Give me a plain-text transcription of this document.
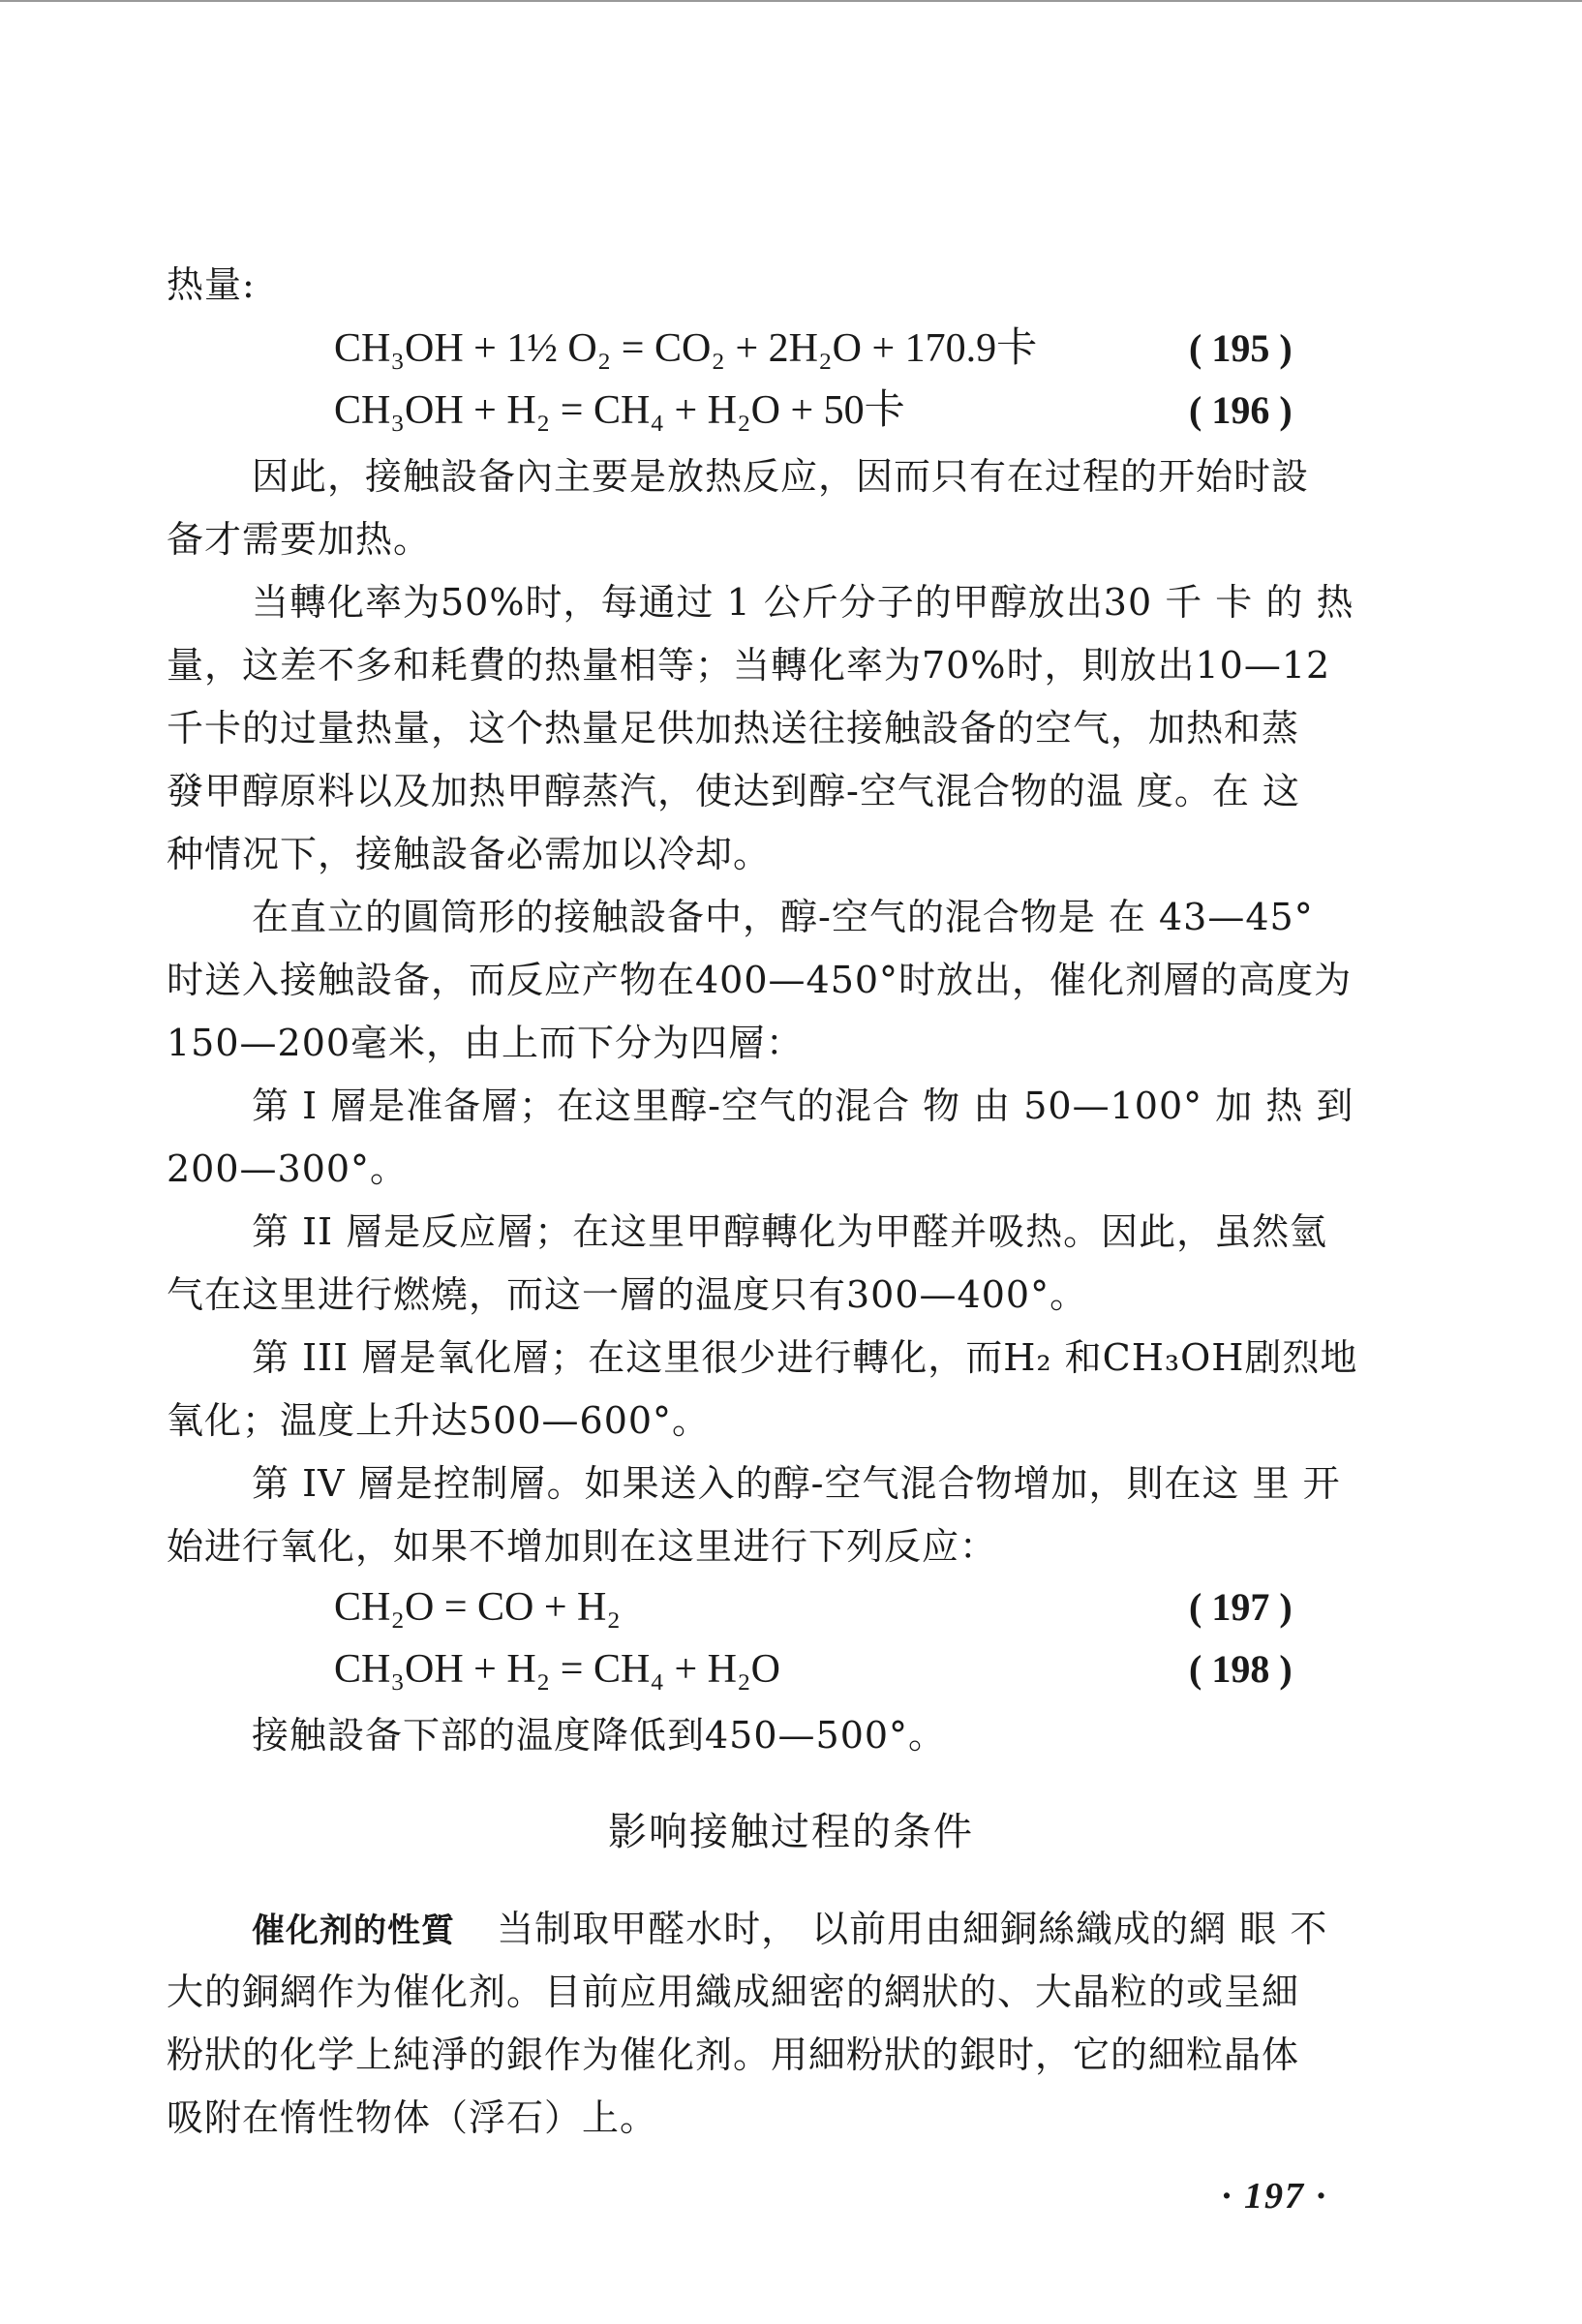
热量:
CH₃OH + 1½ O₂ = CO₂ + 2H₂O + 170.9卡	( 195 )
CH₃OH + H₂ = CH₄ + H₂O + 50卡	( 196 )
因此，接触設备內主要是放热反应，因而只有在过程的开始时設
备才需要加热。
当轉化率为50%时，每通过 1 公斤分子的甲醇放出30 千 卡 的 热
量，这差不多和耗費的热量相等；当轉化率为70%时，則放出10—12
千卡的过量热量，这个热量足供加热送往接触設备的空气，加热和蒸
發甲醇原料以及加热甲醇蒸汽，使达到醇-空气混合物的温 度。在 这
种情况下，接触設备必需加以冷却。
在直立的圓筒形的接触設备中，醇-空气的混合物是 在 43—45°
时送入接触設备，而反应产物在400—450°时放出，催化剂層的高度为
150—200毫米，由上而下分为四層：
第 I 層是准备層；在这里醇-空气的混合 物 由 50—100° 加 热 到
200—300°。
第 II 層是反应層；在这里甲醇轉化为甲醛并吸热。因此，虽然氫
气在这里进行燃燒，而这一層的温度只有300—400°。
第 III 層是氧化層；在这里很少进行轉化，而H₂ 和CH₃OH剧烈地
氧化；温度上升达500—600°。
第 IV 層是控制層。如果送入的醇-空气混合物增加，則在这 里 开
始进行氧化，如果不增加則在这里进行下列反应：
CH₂O = CO + H₂	( 197 )
CH₃OH + H₂ = CH₄ + H₂O	( 198 )
接触設备下部的温度降低到450—500°。
影响接触过程的条件
催化剂的性質 当制取甲醛水时， 以前用由細銅絲織成的網 眼 不
大的銅網作为催化剂。目前应用織成細密的網狀的、大晶粒的或呈細
粉狀的化学上純淨的銀作为催化剂。用細粉狀的銀时，它的細粒晶体
吸附在惰性物体（浮石）上。
· 197 ·
